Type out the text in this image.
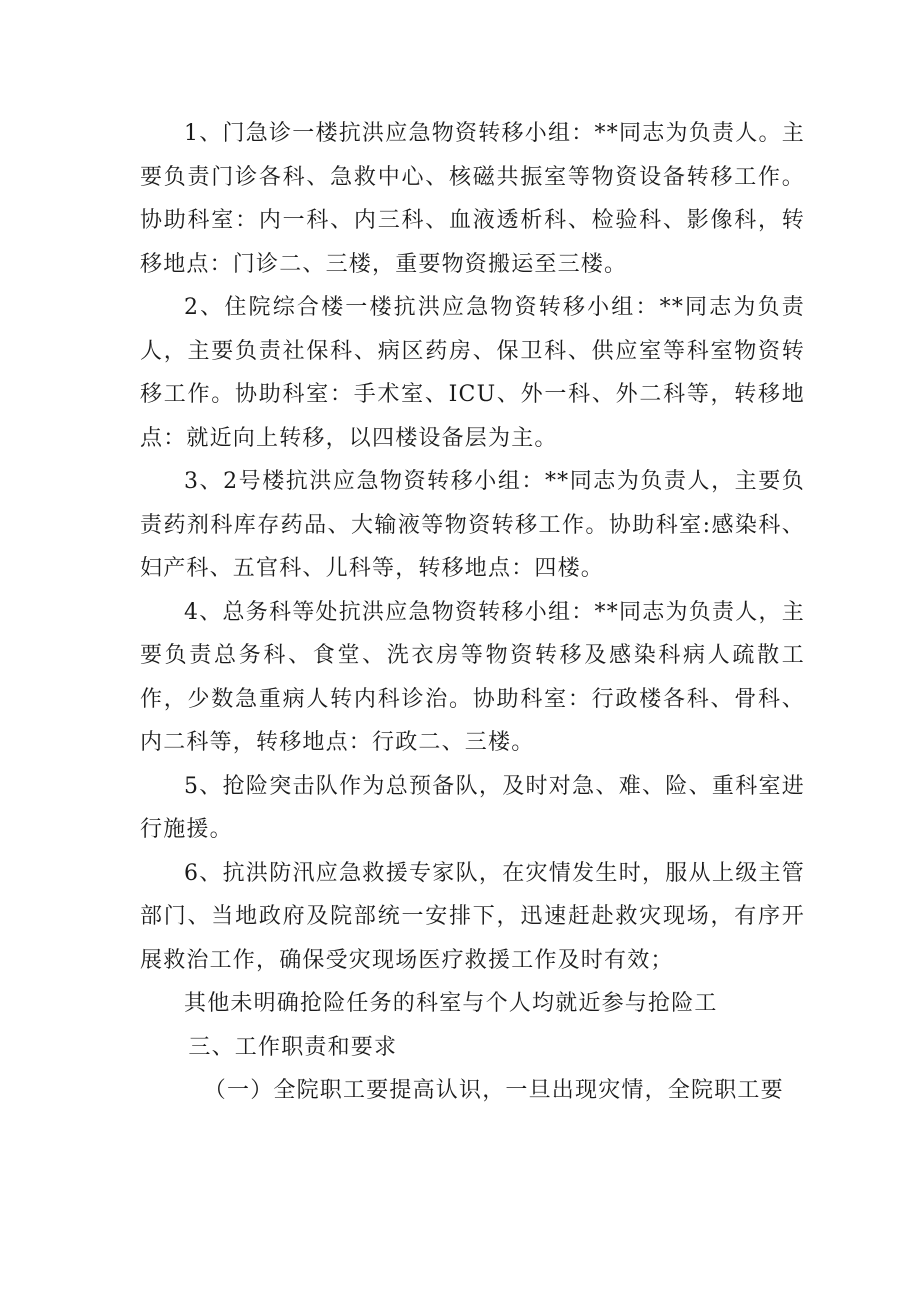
1、门急诊一楼抗洪应急物资转移小组：**同志为负责人。主要负责门诊各科、急救中心、核磁共振室等物资设备转移工作。协助科室：内一科、内三科、血液透析科、检验科、影像科，转移地点：门诊二、三楼，重要物资搬运至三楼。

2、住院综合楼一楼抗洪应急物资转移小组：**同志为负责人，主要负责社保科、病区药房、保卫科、供应室等科室物资转移工作。协助科室：手术室、ICU、外一科、外二科等，转移地点：就近向上转移，以四楼设备层为主。

3、2号楼抗洪应急物资转移小组：**同志为负责人，主要负责药剂科库存药品、大输液等物资转移工作。协助科室:感染科、妇产科、五官科、儿科等，转移地点：四楼。

4、总务科等处抗洪应急物资转移小组：**同志为负责人，主要负责总务科、食堂、洗衣房等物资转移及感染科病人疏散工作，少数急重病人转内科诊治。协助科室：行政楼各科、骨科、内二科等，转移地点：行政二、三楼。

5、抢险突击队作为总预备队，及时对急、难、险、重科室进行施援。

6、抗洪防汛应急救援专家队，在灾情发生时，服从上级主管部门、当地政府及院部统一安排下，迅速赶赴救灾现场，有序开展救治工作，确保受灾现场医疗救援工作及时有效；

其他未明确抢险任务的科室与个人均就近参与抢险工

三、工作职责和要求

（一）全院职工要提高认识，一旦出现灾情，全院职工要
